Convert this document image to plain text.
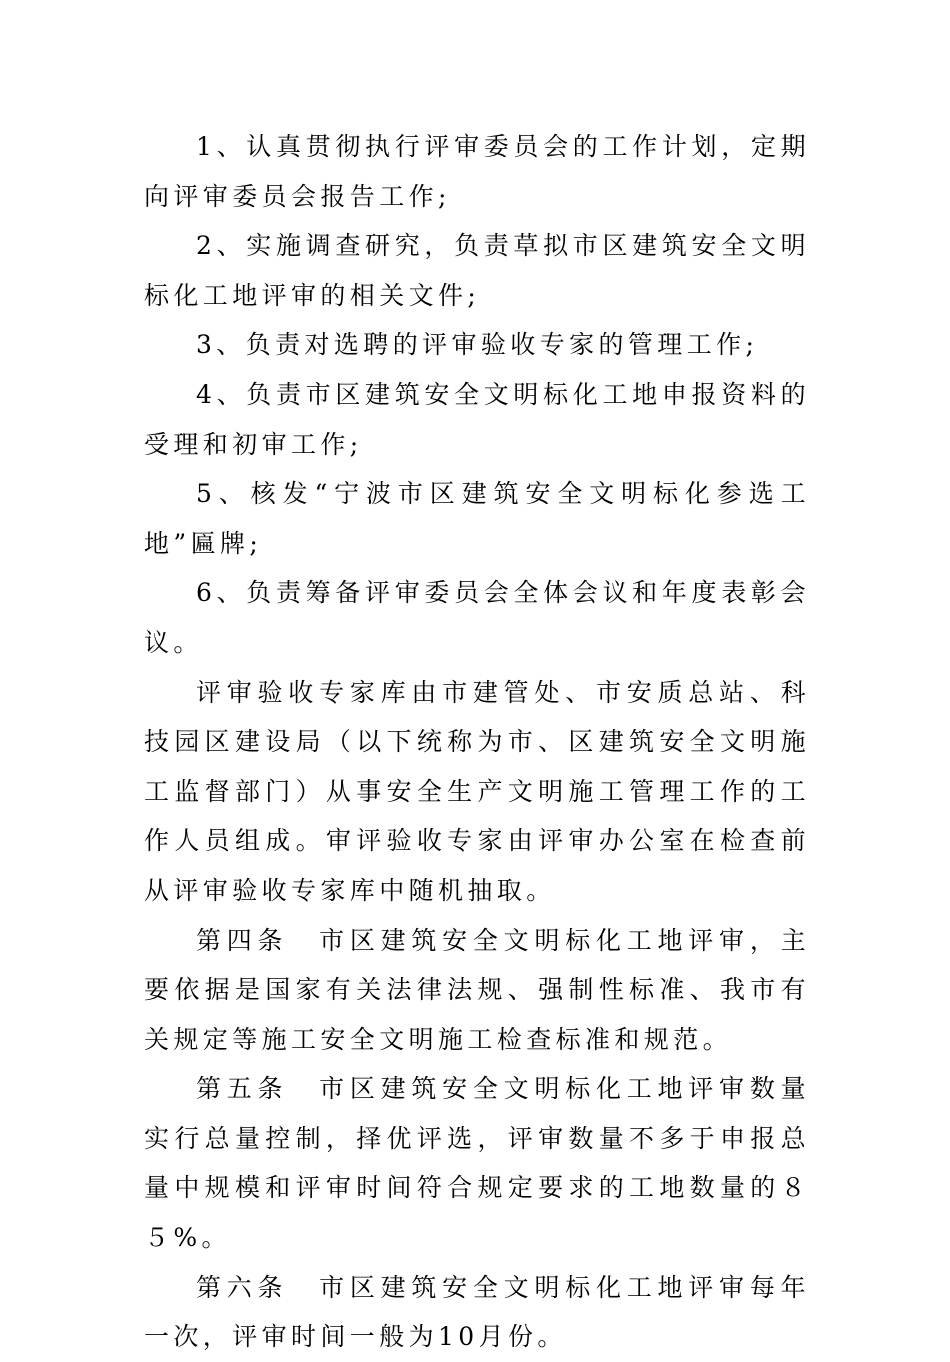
1、认真贯彻执行评审委员会的工作计划，定期向评审委员会报告工作;

2、实施调查研究，负责草拟市区建筑安全文明标化工地评审的相关文件;

3、负责对选聘的评审验收专家的管理工作;

4、负责市区建筑安全文明标化工地申报资料的受理和初审工作;

5、核发“宁波市区建筑安全文明标化参选工地”匾牌;

6、负责筹备评审委员会全体会议和年度表彰会议。

评审验收专家库由市建管处、市安质总站、科技园区建设局（以下统称为市、区建筑安全文明施工监督部门）从事安全生产文明施工管理工作的工作人员组成。审评验收专家由评审办公室在检查前从评审验收专家库中随机抽取。

第四条　市区建筑安全文明标化工地评审，主要依据是国家有关法律法规、强制性标准、我市有关规定等施工安全文明施工检查标准和规范。

第五条　市区建筑安全文明标化工地评审数量实行总量控制，择优评选，评审数量不多于申报总量中规模和评审时间符合规定要求的工地数量的８５%。

第六条　市区建筑安全文明标化工地评审每年一次，评审时间一般为10月份。
